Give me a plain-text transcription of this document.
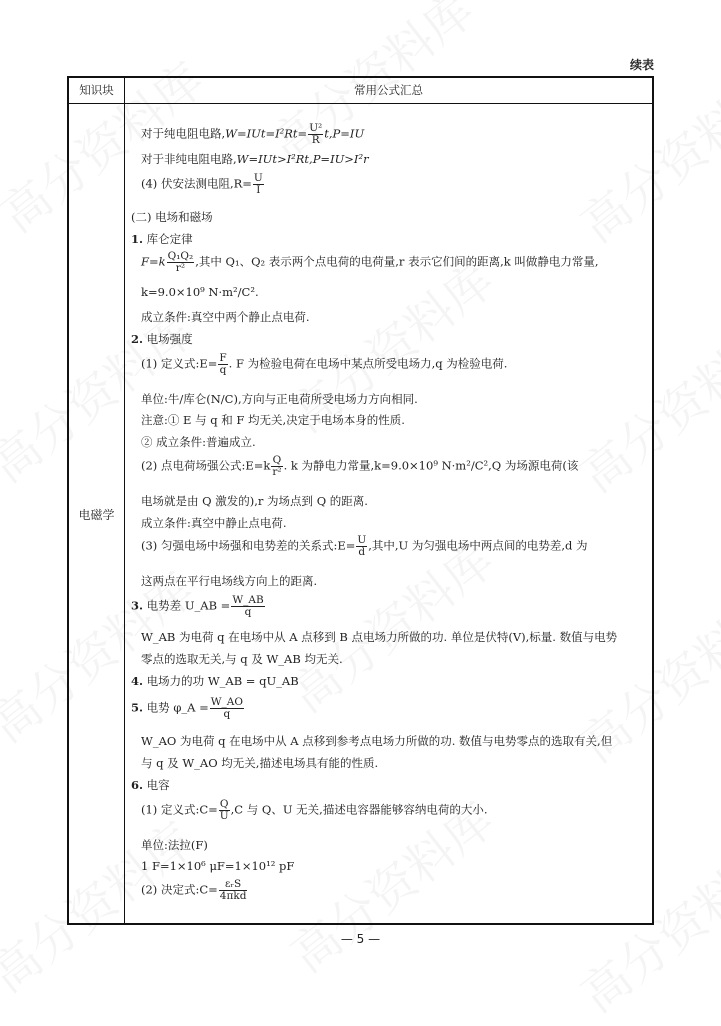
续表
知识块	常用公式汇总
电磁学
对于纯电阻电路$,W=IUt=I^2Rt= \frac{\text{U²}}{R} t,P=IU$
对于非纯电阻电路,W=IUt>I²Rt,P=IU>I²r
(4) 伏安法测电阻$,R= \frac{U}{I}$
(二) 电场和磁场
1. 库仑定律
$F=k \frac{\text{Q₁Q₂}}{\text{r²}}$ ,其中 Q₁、Q₂ 表示两个点电荷的电荷量,r 表示它们间的距离,k 叫做静电力常量,
k=9.0×10⁹ N·m²/C².
成立条件:真空中两个静止点电荷.
2. 电场强度
(1) 定义式:E= $\frac{F}{q}$ . F 为检验电荷在电场中某点所受电场力,q 为检验电荷.
单位:牛/库仑(N/C),方向与正电荷所受电场力方向相同.
注意:① E 与 q 和 F 均无关,决定于电场本身的性质.
② 成立条件:普遍成立.
(2) 点电荷场强公式:E=k $\frac{Q}{\text{r²}}$ . k 为静电力常量,k=9.0×10⁹ N·m²/C²,Q 为场源电荷(该
电场就是由 Q 激发的),r 为场点到 Q 的距离.
成立条件:真空中静止点电荷.
(3) 匀强电场中场强和电势差的关系式:E= $\frac{U}{d}$ ,其中,U 为匀强电场中两点间的电势差,d 为
这两点在平行电场线方向上的距离.
3. 电势差 U_AB = $\frac{W\_AB}{q}$
W_AB 为电荷 q 在电场中从 A 点移到 B 点电场力所做的功. 单位是伏特(V),标量. 数值与电势
零点的选取无关,与 q 及 W_AB 均无关.
4. 电场力的功 W_AB = qU_AB
5. 电势 φ_A = $\frac{W\_AO}{q}$
W_AO 为电荷 q 在电场中从 A 点移到参考点电场力所做的功. 数值与电势零点的选取有关,但
与 q 及 W_AO 均无关,描述电场具有能的性质.
6. 电容
(1) 定义式:C= $\frac{Q}{U} ,C$ 与 Q、U 无关,描述电容器能够容纳电荷的大小.
单位:法拉(F)
1 F=1×10⁶ μF=1×10¹² pF
(2) 决定式:C= $\frac{\text{εᵣS}}{\text{4πkd}}$
— 5 —
